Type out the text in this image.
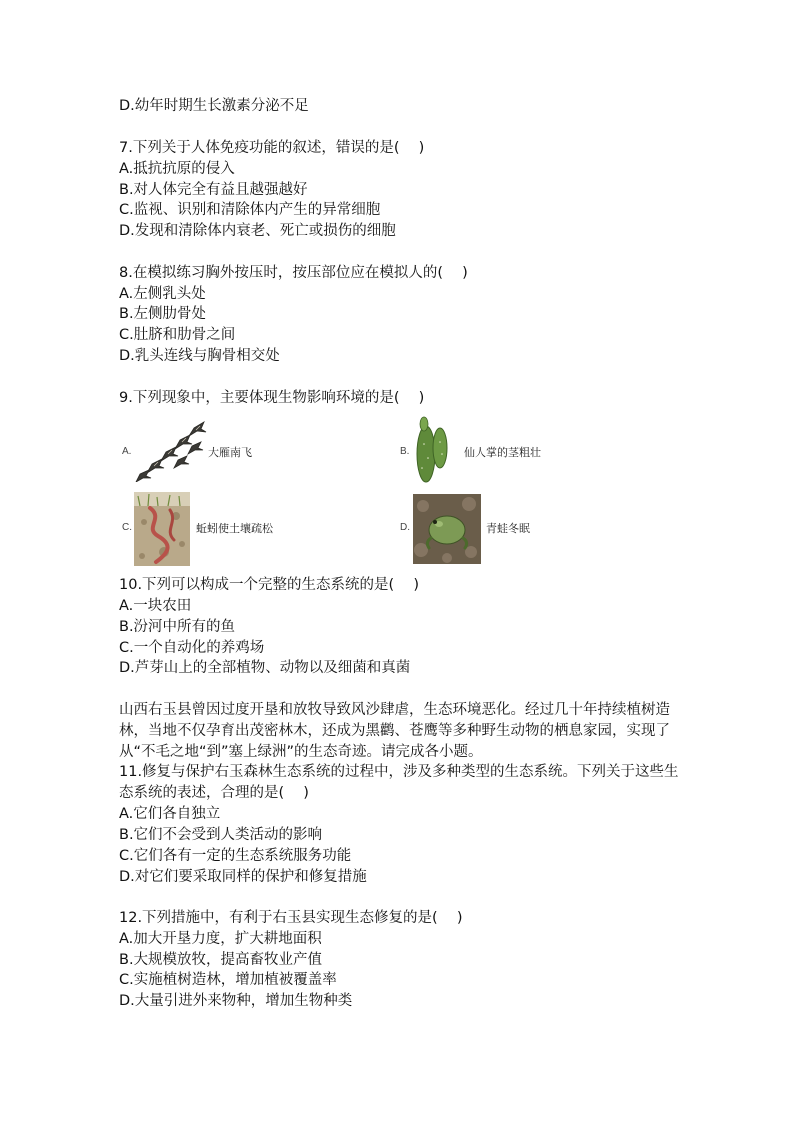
D.幼年时期生长激素分泌不足
7.下列关于人体免疫功能的叙述，错误的是(　 )
A.抵抗抗原的侵入
B.对人体完全有益且越强越好
C.监视、识别和清除体内产生的异常细胞
D.发现和清除体内衰老、死亡或损伤的细胞
8.在模拟练习胸外按压时，按压部位应在模拟人的(　 )
A.左侧乳头处
B.左侧肋骨处
C.肚脐和肋骨之间
D.乳头连线与胸骨相交处
9.下列现象中，主要体现生物影响环境的是(　 )
A.	大雁南飞	B.	仙人掌的茎粗壮
C.	蚯蚓使土壤疏松	D.	青蛙冬眠
10.下列可以构成一个完整的生态系统的是(　 )
A.一块农田
B.汾河中所有的鱼
C.一个自动化的养鸡场
D.芦芽山上的全部植物、动物以及细菌和真菌
山西右玉县曾因过度开垦和放牧导致风沙肆虐，生态环境恶化。经过几十年持续植树造林，当地不仅孕育出茂密林木，还成为黑鹳、苍鹰等多种野生动物的栖息家园，实现了从“不毛之地“到”塞上绿洲”的生态奇迹。请完成各小题。
11.修复与保护右玉森林生态系统的过程中，涉及多种类型的生态系统。下列关于这些生态系统的表述，合理的是(　 )
A.它们各自独立
B.它们不会受到人类活动的影响
C.它们各有一定的生态系统服务功能
D.对它们要采取同样的保护和修复措施
12.下列措施中，有利于右玉县实现生态修复的是(　 )
A.加大开垦力度，扩大耕地面积
B.大规模放牧，提高畜牧业产值
C.实施植树造林，增加植被覆盖率
D.大量引进外来物种，增加生物种类
